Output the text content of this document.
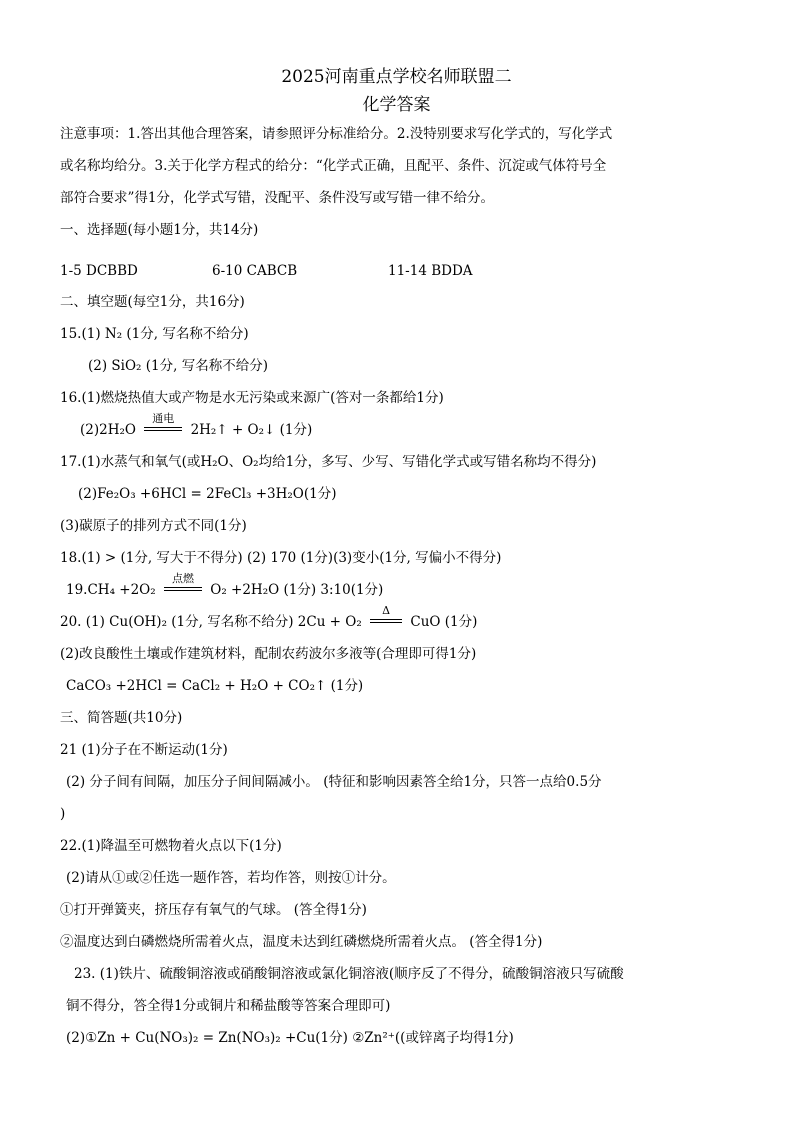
2025河南重点学校名师联盟二
化学答案
注意事项：1.答出其他合理答案，请参照评分标准给分。2.没特别要求写化学式的，写化学式
或名称均给分。3.关于化学方程式的给分：“化学式正确，且配平、条件、沉淀或气体符号全
部符合要求”得1分，化学式写错，没配平、条件没写或写错一律不给分。
一、选择题(每小题1分，共14分)
1-5 DCBBD	6-10 CABCB	11-14 BDDA
二、填空题(每空1分，共16分)
15.(1) N₂ (1分, 写名称不给分)
(2) SiO₂ (1分, 写名称不给分)
16.(1)燃烧热值大或产物是水无污染或来源广(答对一条都给1分)
(2)2H₂O
通电
2H₂↑ + O₂↓ (1分)
17.(1)水蒸气和氧气(或H₂O、O₂均给1分，多写、少写、写错化学式或写错名称均不得分)
(2)Fe₂O₃ +6HCl = 2FeCl₃ +3H₂O(1分)
(3)碳原子的排列方式不同(1分)
18.(1) > (1分, 写大于不得分) (2) 170 (1分)(3)变小(1分, 写偏小不得分)
19.CH₄ +2O₂
点燃
O₂ +2H₂O (1分) 3:10(1分)
20. (1) Cu(OH)₂ (1分, 写名称不给分) 2Cu + O₂
Δ
CuO (1分)
(2)改良酸性土壤或作建筑材料，配制农药波尔多液等(合理即可得1分)
CaCO₃ +2HCl = CaCl₂ + H₂O + CO₂↑ (1分)
三、简答题(共10分)
21 (1)分子在不断运动(1分)
(2) 分子间有间隔，加压分子间间隔减小。 (特征和影响因素答全给1分，只答一点给0.5分
)
22.(1)降温至可燃物着火点以下(1分)
(2)请从①或②任选一题作答，若均作答，则按①计分。
①打开弹簧夹，挤压存有氧气的气球。 (答全得1分)
②温度达到白磷燃烧所需着火点，温度未达到红磷燃烧所需着火点。 (答全得1分)
23. (1)铁片、硫酸铜溶液或硝酸铜溶液或氯化铜溶液(顺序反了不得分，硫酸铜溶液只写硫酸
铜不得分，答全得1分或铜片和稀盐酸等答案合理即可)
(2)①Zn + Cu(NO₃)₂ = Zn(NO₃)₂ +Cu(1分) ②Zn²⁺((或锌离子均得1分)
